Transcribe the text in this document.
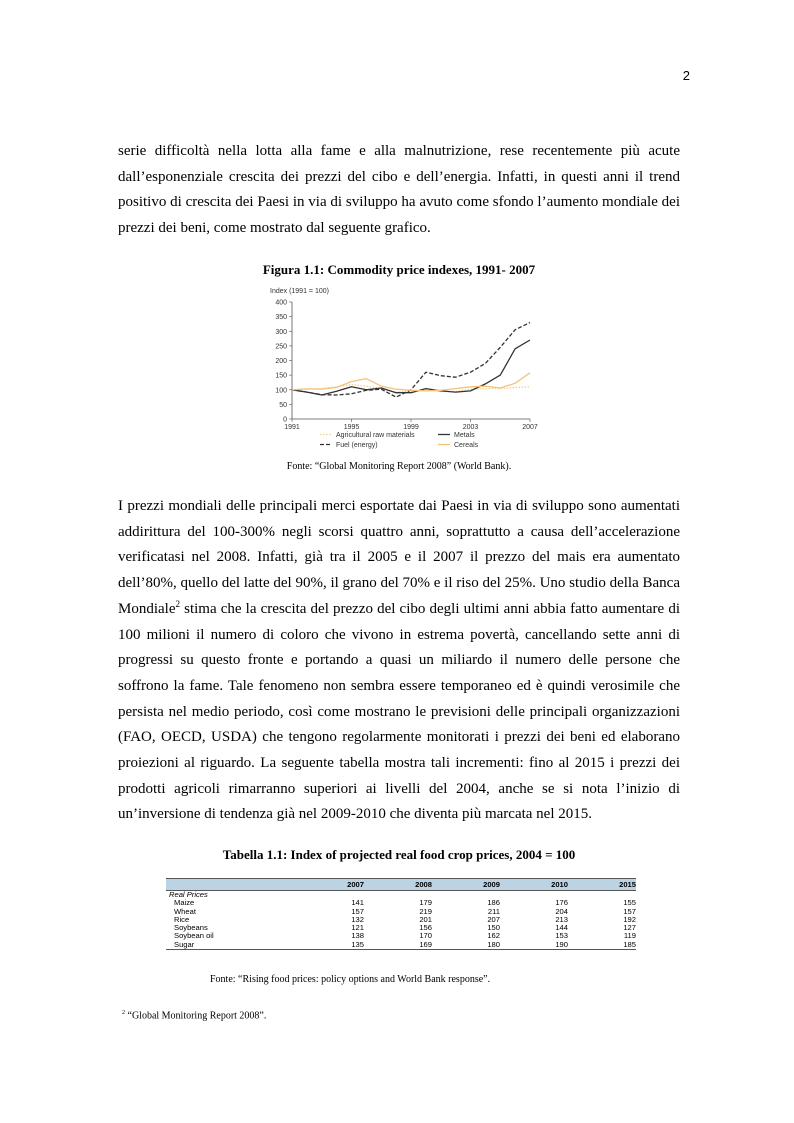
2

serie difficoltà nella lotta alla fame e alla malnutrizione, rese recentemente più acute dall’esponenziale crescita dei prezzi del cibo e dell’energia. Infatti, in questi anni il trend positivo di crescita dei Paesi in via di sviluppo ha avuto come sfondo l’aumento mondiale dei prezzi dei beni, come mostrato dal seguente grafico.

Figura 1.1: Commodity price indexes, 1991- 2007
Index (1991 = 100)
0
50
100
150
200
250
300
350
400
1991	1995	1999	2003	2007
Agricultural raw materials	Metals
Fuel (energy)	Cereals
Fonte: “Global Monitoring Report 2008” (World Bank).

I prezzi mondiali delle principali merci esportate dai Paesi in via di sviluppo sono aumentati addirittura del 100-300% negli scorsi quattro anni, soprattutto a causa dell’accelerazione verificatasi nel 2008. Infatti, già tra il 2005 e il 2007 il prezzo del mais era aumentato dell’80%, quello del latte del 90%, il grano del 70% e il riso del 25%. Uno studio della Banca Mondiale$^2$ stima che la crescita del prezzo del cibo degli ultimi anni abbia fatto aumentare di 100 milioni il numero di coloro che vivono in estrema povertà, cancellando sette anni di progressi su questo fronte e portando a quasi un miliardo il numero delle persone che soffrono la fame. Tale fenomeno non sembra essere temporaneo ed è quindi verosimile che persista nel medio periodo, così come mostrano le previsioni delle principali organizzazioni (FAO, OECD, USDA) che tengono regolarmente monitorati i prezzi dei beni ed elaborano proiezioni al riguardo. La seguente tabella mostra tali incrementi: fino al 2015 i prezzi dei prodotti agricoli rimarranno superiori ai livelli del 2004, anche se si nota l’inizio di un’inversione di tendenza già nel 2009-2010 che diventa più marcata nel 2015.

Tabella 1.1: Index of projected real food crop prices, 2004 = 100
	2007	2008	2009	2010	2015
Real Prices					
Maize	141	179	186	176	155
Wheat	157	219	211	204	157
Rice	132	201	207	213	192
Soybeans	121	156	150	144	127
Soybean oil	138	170	162	153	119
Sugar	135	169	180	190	185
Fonte: “Rising food prices: policy options and World Bank response”.
$^2$ “Global Monitoring Report 2008”.
